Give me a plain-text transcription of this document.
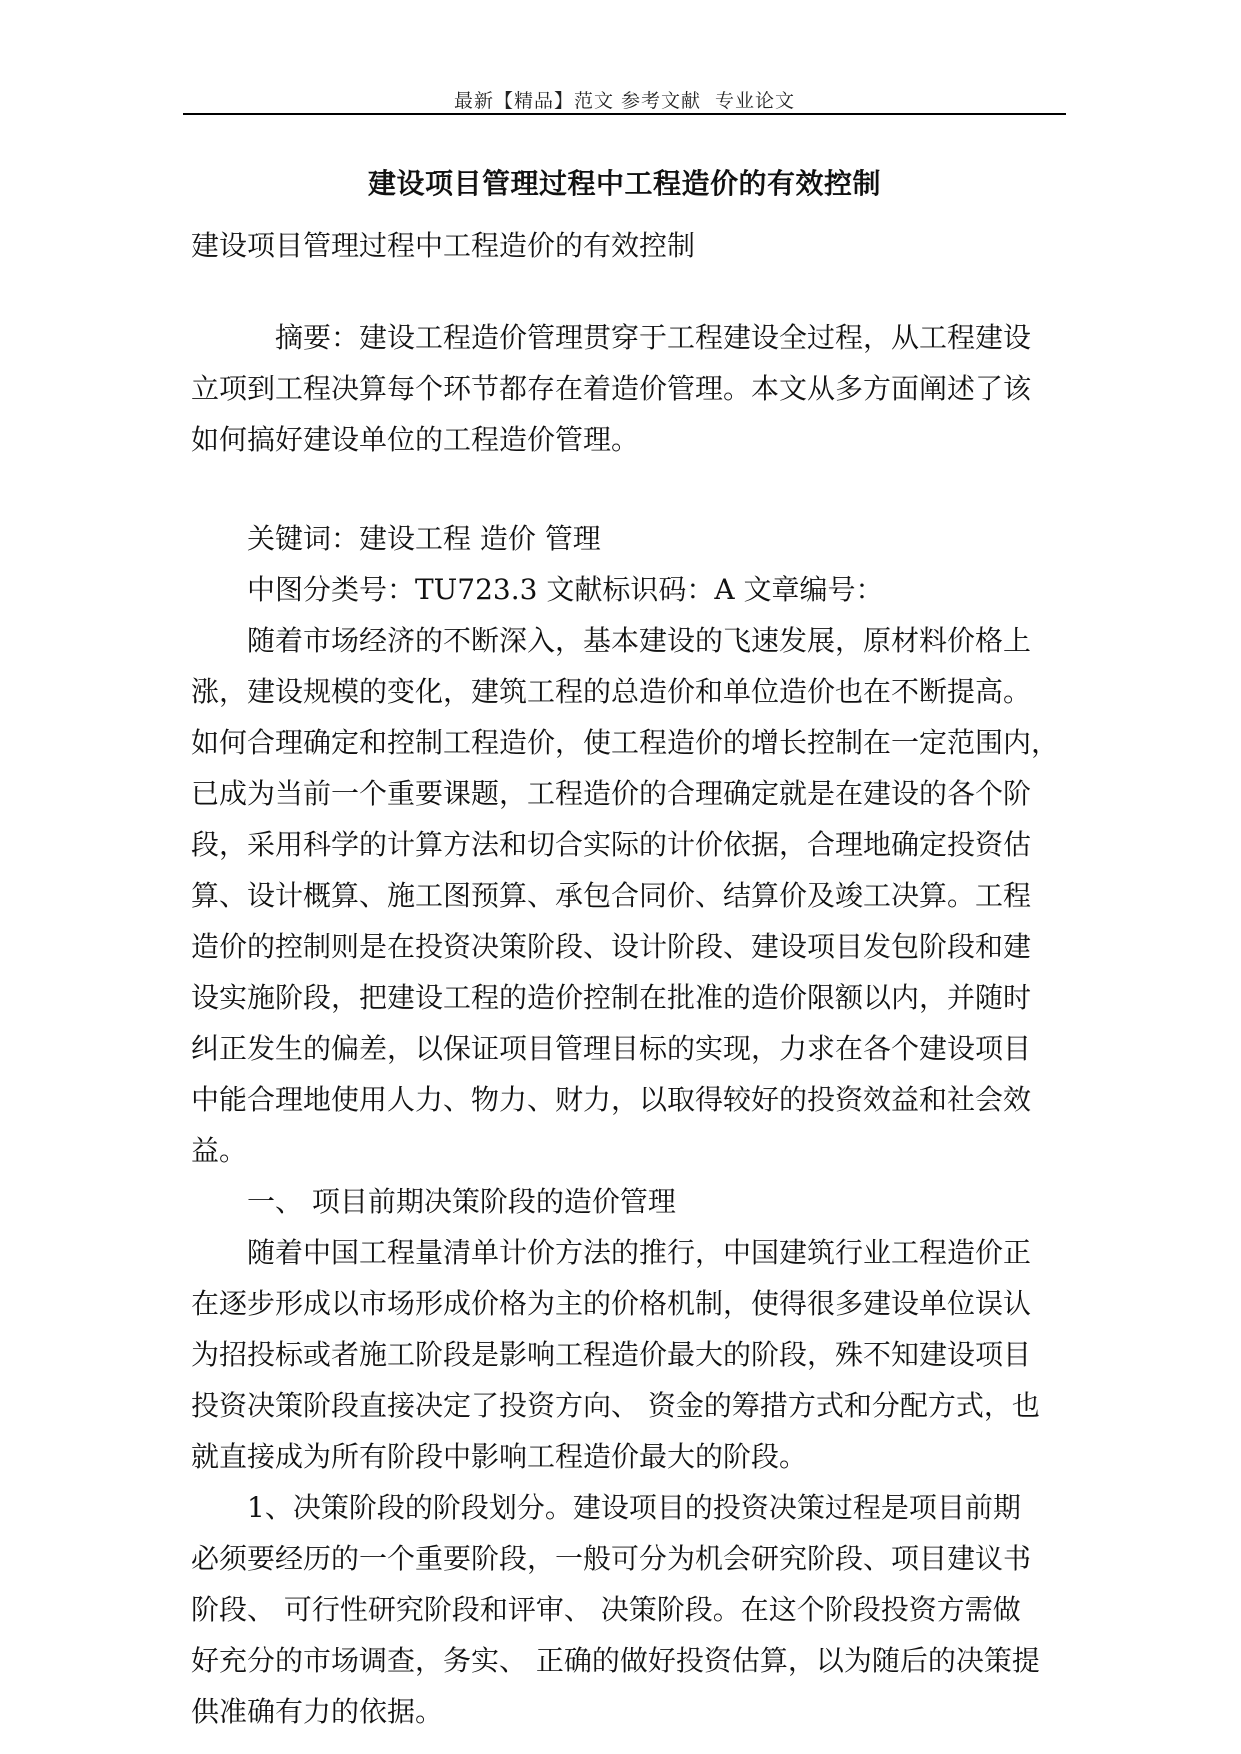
最新【精品】范文 参考文献  专业论文
建设项目管理过程中工程造价的有效控制

建设项目管理过程中工程造价的有效控制

摘要：建设工程造价管理贯穿于工程建设全过程，从工程建设

立项到工程决算每个环节都存在着造价管理。本文从多方面阐述了该

如何搞好建设单位的工程造价管理。

关键词：建设工程 造价 管理

中图分类号：TU723.3 文献标识码：A 文章编号：

随着市场经济的不断深入，基本建设的飞速发展，原材料价格上

涨，建设规模的变化，建筑工程的总造价和单位造价也在不断提高。

如何合理确定和控制工程造价，使工程造价的增长控制在一定范围内，

已成为当前一个重要课题，工程造价的合理确定就是在建设的各个阶

段，采用科学的计算方法和切合实际的计价依据，合理地确定投资估

算、设计概算、施工图预算、承包合同价、结算价及竣工决算。工程

造价的控制则是在投资决策阶段、设计阶段、建设项目发包阶段和建

设实施阶段，把建设工程的造价控制在批准的造价限额以内，并随时

纠正发生的偏差，以保证项目管理目标的实现，力求在各个建设项目

中能合理地使用人力、物力、财力，以取得较好的投资效益和社会效

益。

一、 项目前期决策阶段的造价管理

随着中国工程量清单计价方法的推行，中国建筑行业工程造价正

在逐步形成以市场形成价格为主的价格机制，使得很多建设单位误认

为招投标或者施工阶段是影响工程造价最大的阶段，殊不知建设项目

投资决策阶段直接决定了投资方向、 资金的筹措方式和分配方式，也

就直接成为所有阶段中影响工程造价最大的阶段。

1、决策阶段的阶段划分。建设项目的投资决策过程是项目前期

必须要经历的一个重要阶段，一般可分为机会研究阶段、项目建议书

阶段、 可行性研究阶段和评审、 决策阶段。在这个阶段投资方需做

好充分的市场调查，务实、 正确的做好投资估算，以为随后的决策提

供准确有力的依据。
